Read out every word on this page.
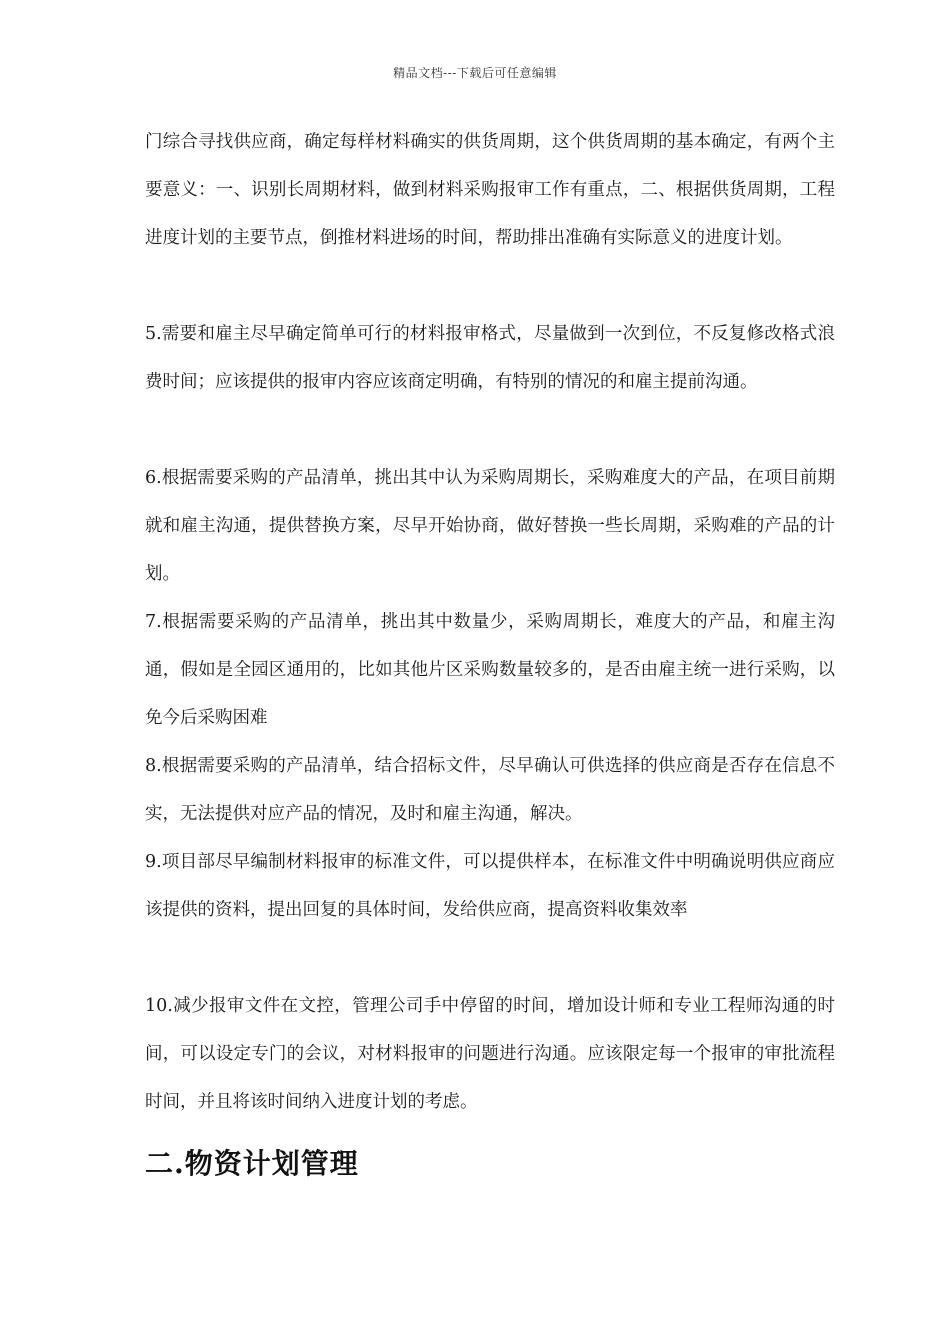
精品文档---下载后可任意编辑

门综合寻找供应商，确定每样材料确实的供货周期，这个供货周期的基本确定，有两个主要意义：一、识别长周期材料，做到材料采购报审工作有重点，二、根据供货周期，工程进度计划的主要节点，倒推材料进场的时间，帮助排出准确有实际意义的进度计划。

5.需要和雇主尽早确定简单可行的材料报审格式，尽量做到一次到位，不反复修改格式浪费时间；应该提供的报审内容应该商定明确，有特别的情况的和雇主提前沟通。

6.根据需要采购的产品清单，挑出其中认为采购周期长，采购难度大的产品，在项目前期就和雇主沟通，提供替换方案，尽早开始协商，做好替换一些长周期，采购难的产品的计划。

7.根据需要采购的产品清单，挑出其中数量少，采购周期长，难度大的产品，和雇主沟通，假如是全园区通用的，比如其他片区采购数量较多的，是否由雇主统一进行采购，以免今后采购困难

8.根据需要采购的产品清单，结合招标文件，尽早确认可供选择的供应商是否存在信息不实，无法提供对应产品的情况，及时和雇主沟通，解决。

9.项目部尽早编制材料报审的标准文件，可以提供样本，在标准文件中明确说明供应商应该提供的资料，提出回复的具体时间，发给供应商，提高资料收集效率

10.减少报审文件在文控，管理公司手中停留的时间，增加设计师和专业工程师沟通的时间，可以设定专门的会议，对材料报审的问题进行沟通。应该限定每一个报审的审批流程时间，并且将该时间纳入进度计划的考虑。

二.物资计划管理
